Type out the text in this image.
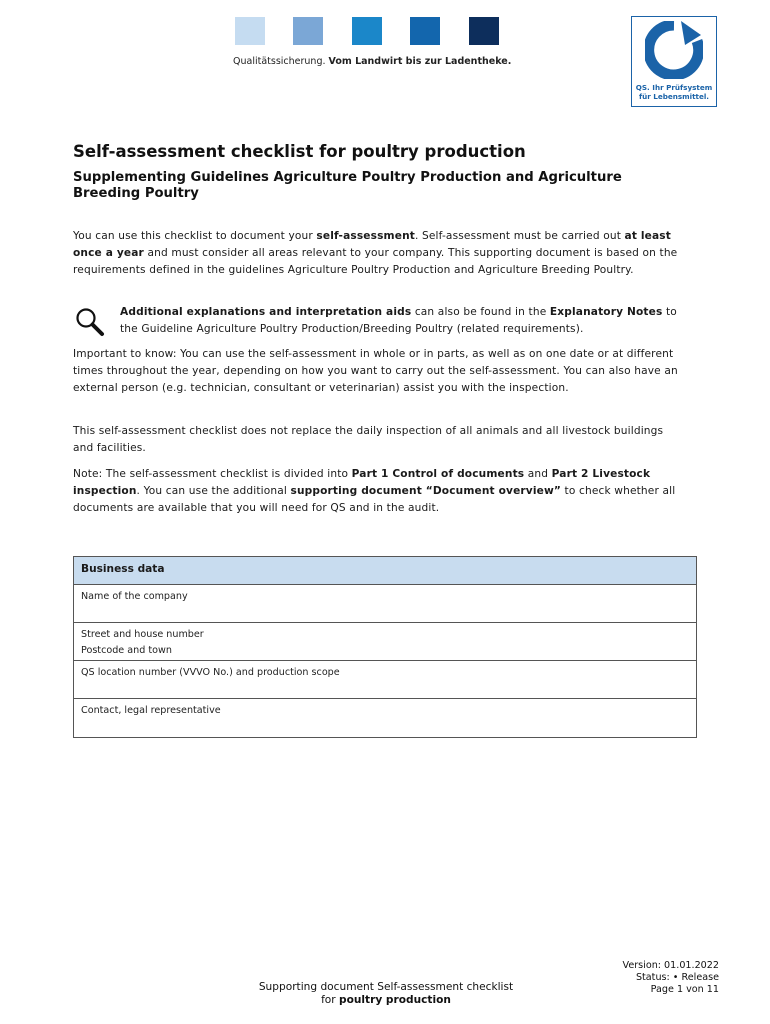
Qualitätssicherung. Vom Landwirt bis zur Ladentheke.
QS. Ihr Prüfsystem
für Lebensmittel.
Self-assessment checklist for poultry production
Supplementing Guidelines Agriculture Poultry Production and Agriculture Breeding Poultry

You can use this checklist to document your self-assessment. Self-assessment must be carried out at least once a year and must consider all areas relevant to your company. This supporting document is based on the requirements defined in the guidelines Agriculture Poultry Production and Agriculture Breeding Poultry.

Additional explanations and interpretation aids can also be found in the Explanatory Notes to the Guideline Agriculture Poultry Production/Breeding Poultry (related requirements).

Important to know: You can use the self-assessment in whole or in parts, as well as on one date or at different times throughout the year, depending on how you want to carry out the self-assessment. You can also have an external person (e.g. technician, consultant or veterinarian) assist you with the inspection.

This self-assessment checklist does not replace the daily inspection of all animals and all livestock buildings and facilities.

Note: The self-assessment checklist is divided into Part 1 Control of documents and Part 2 Livestock inspection. You can use the additional supporting document “Document overview” to check whether all documents are available that you will need for QS and in the audit.

Business data
Name of the company
Street and house number
Postcode and town
QS location number (VVVO No.) and production scope
Contact, legal representative
Supporting document Self-assessment checklist
for poultry production
Version: 01.01.2022
Status: • Release
Page 1 von 11
